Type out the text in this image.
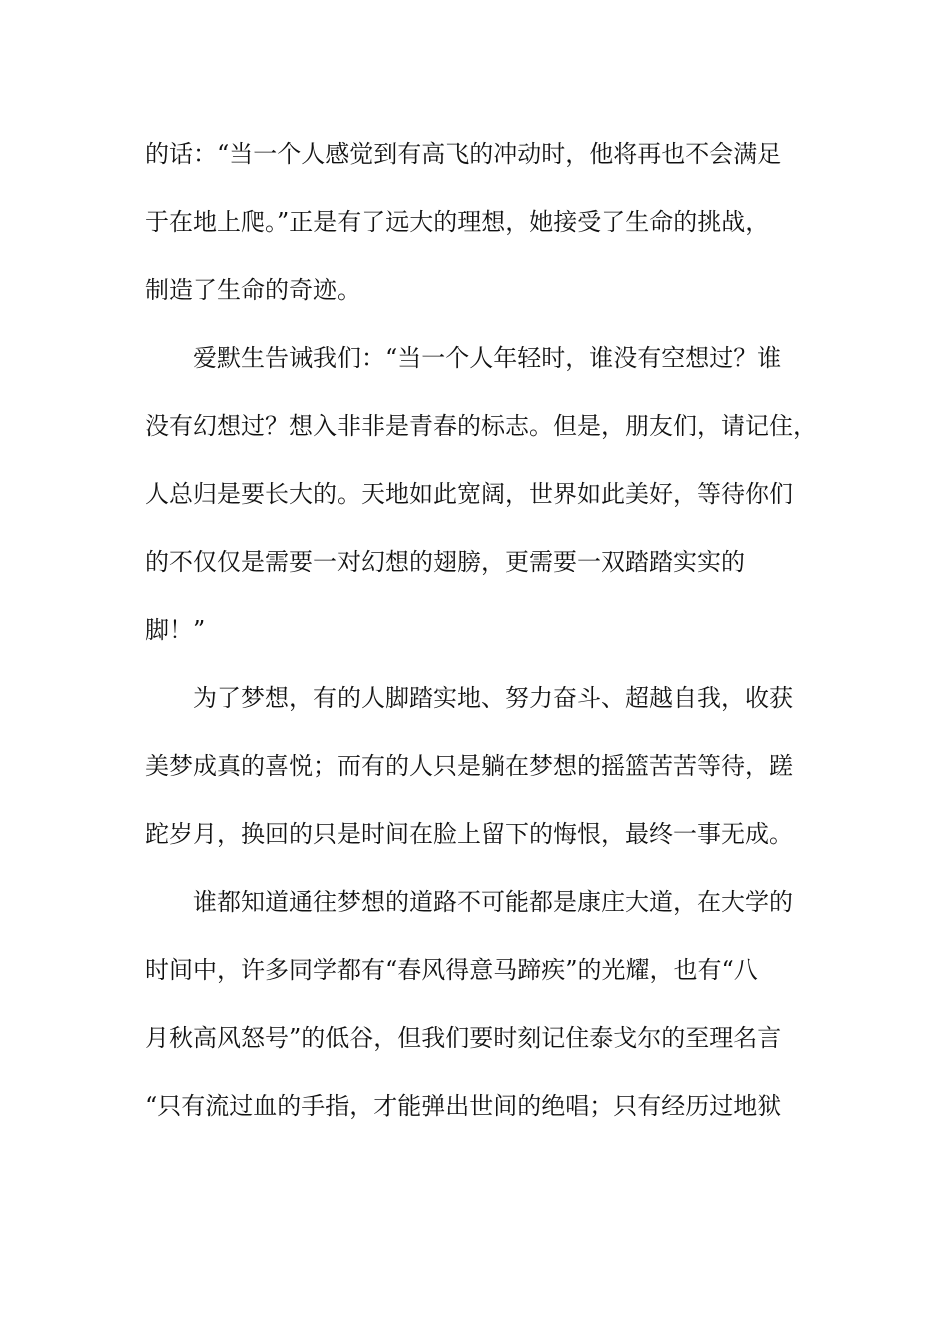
的话：“当一个人感觉到有高飞的冲动时，他将再也不会满足
于在地上爬。”正是有了远大的理想，她接受了生命的挑战，
制造了生命的奇迹。
爱默生告诫我们：“当一个人年轻时，谁没有空想过？谁
没有幻想过？想入非非是青春的标志。但是，朋友们，请记住，
人总归是要长大的。天地如此宽阔，世界如此美好，等待你们
的不仅仅是需要一对幻想的翅膀，更需要一双踏踏实实的
脚！”
为了梦想，有的人脚踏实地、努力奋斗、超越自我，收获
美梦成真的喜悦；而有的人只是躺在梦想的摇篮苦苦等待，蹉
跎岁月，换回的只是时间在脸上留下的悔恨，最终一事无成。
谁都知道通往梦想的道路不可能都是康庄大道，在大学的
时间中，许多同学都有“春风得意马蹄疾”的光耀，也有“八
月秋高风怒号”的低谷，但我们要时刻记住泰戈尔的至理名言
“只有流过血的手指，才能弹出世间的绝唱；只有经历过地狱
